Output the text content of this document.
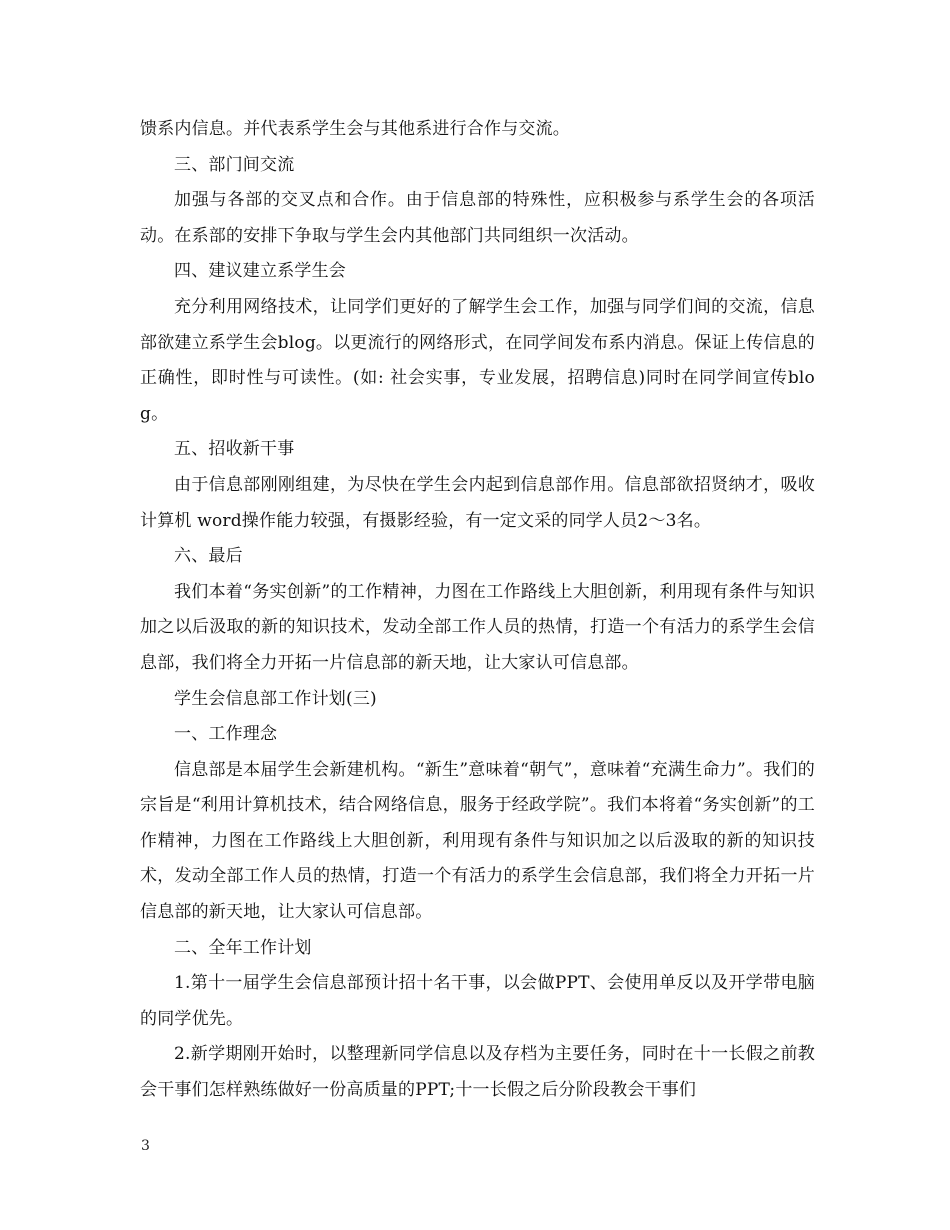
馈系内信息。并代表系学生会与其他系进行合作与交流。

三、部门间交流

加强与各部的交叉点和合作。由于信息部的特殊性，应积极参与系学生会的各项活动。在系部的安排下争取与学生会内其他部门共同组织一次活动。

四、建议建立系学生会

充分利用网络技术，让同学们更好的了解学生会工作，加强与同学们间的交流，信息部欲建立系学生会blog。以更流行的网络形式，在同学间发布系内消息。保证上传信息的正确性，即时性与可读性。(如: 社会实事，专业发展，招聘信息)同时在同学间宣传blog。

五、招收新干事

由于信息部刚刚组建，为尽快在学生会内起到信息部作用。信息部欲招贤纳才，吸收计算机 word操作能力较强，有摄影经验，有一定文采的同学人员2～3名。

六、最后

我们本着“务实创新”的工作精神，力图在工作路线上大胆创新，利用现有条件与知识加之以后汲取的新的知识技术，发动全部工作人员的热情，打造一个有活力的系学生会信息部，我们将全力开拓一片信息部的新天地，让大家认可信息部。

学生会信息部工作计划(三)

一、工作理念

信息部是本届学生会新建机构。“新生”意味着“朝气”，意味着“充满生命力”。我们的宗旨是“利用计算机技术，结合网络信息，服务于经政学院”。我们本将着“务实创新”的工作精神，力图在工作路线上大胆创新，利用现有条件与知识加之以后汲取的新的知识技术，发动全部工作人员的热情，打造一个有活力的系学生会信息部，我们将全力开拓一片信息部的新天地，让大家认可信息部。

二、全年工作计划

1.第十一届学生会信息部预计招十名干事，以会做PPT、会使用单反以及开学带电脑的同学优先。

2.新学期刚开始时，以整理新同学信息以及存档为主要任务，同时在十一长假之前教会干事们怎样熟练做好一份高质量的PPT;十一长假之后分阶段教会干事们

3
